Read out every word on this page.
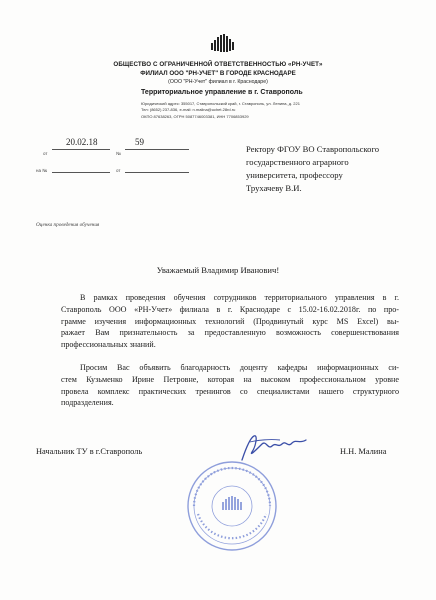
ОБЩЕСТВО С ОГРАНИЧЕННОЙ ОТВЕТСТВЕННОСТЬЮ «РН-УЧЕТ»
ФИЛИАЛ ООО "РН-УЧЕТ" В ГОРОДЕ КРАСНОДАРЕ
(ООО "РН-Учет" филиал в г. Краснодаре)
Территориальное управление в г. Ставрополь
Юридический адрес: 355017, Ставропольский край, г. Ставрополь, ул. Ленина, д. 221
Тел: (8652) 237-836, e-mail: n.malina@uchet.28rd.ru
ОКПО 87638263, ОГРН 5087746003381, ИНН 7706853929
от
20.02.18
№
59
на №	от
Ректору ФГОУ ВО Ставропольского
государственного аграрного
университета, профессору
Трухачеву В.И.
Оценка проведения обучения
Уважаемый Владимир Иванович!
В рамках проведения обучения сотрудников территориального управления в г.
Ставрополь ООО «РН-Учет» филиала в г. Краснодаре с 15.02-16.02.2018г. по про-
грамме изучения информационных технологий (Продвинутый курс MS Excel) вы-
ражает Вам признательность за предоставленную возможность совершенствования
профессиональных знаний.
Просим Вас объявить благодарность доценту кафедры информационных си-
стем Кузьменко Ирине Петровне, которая на высоком профессиональном уровне
провела комплекс практических тренингов со специалистами нашего структурного
подразделения.
Начальник ТУ в г.Ставрополь	Н.Н. Малина
